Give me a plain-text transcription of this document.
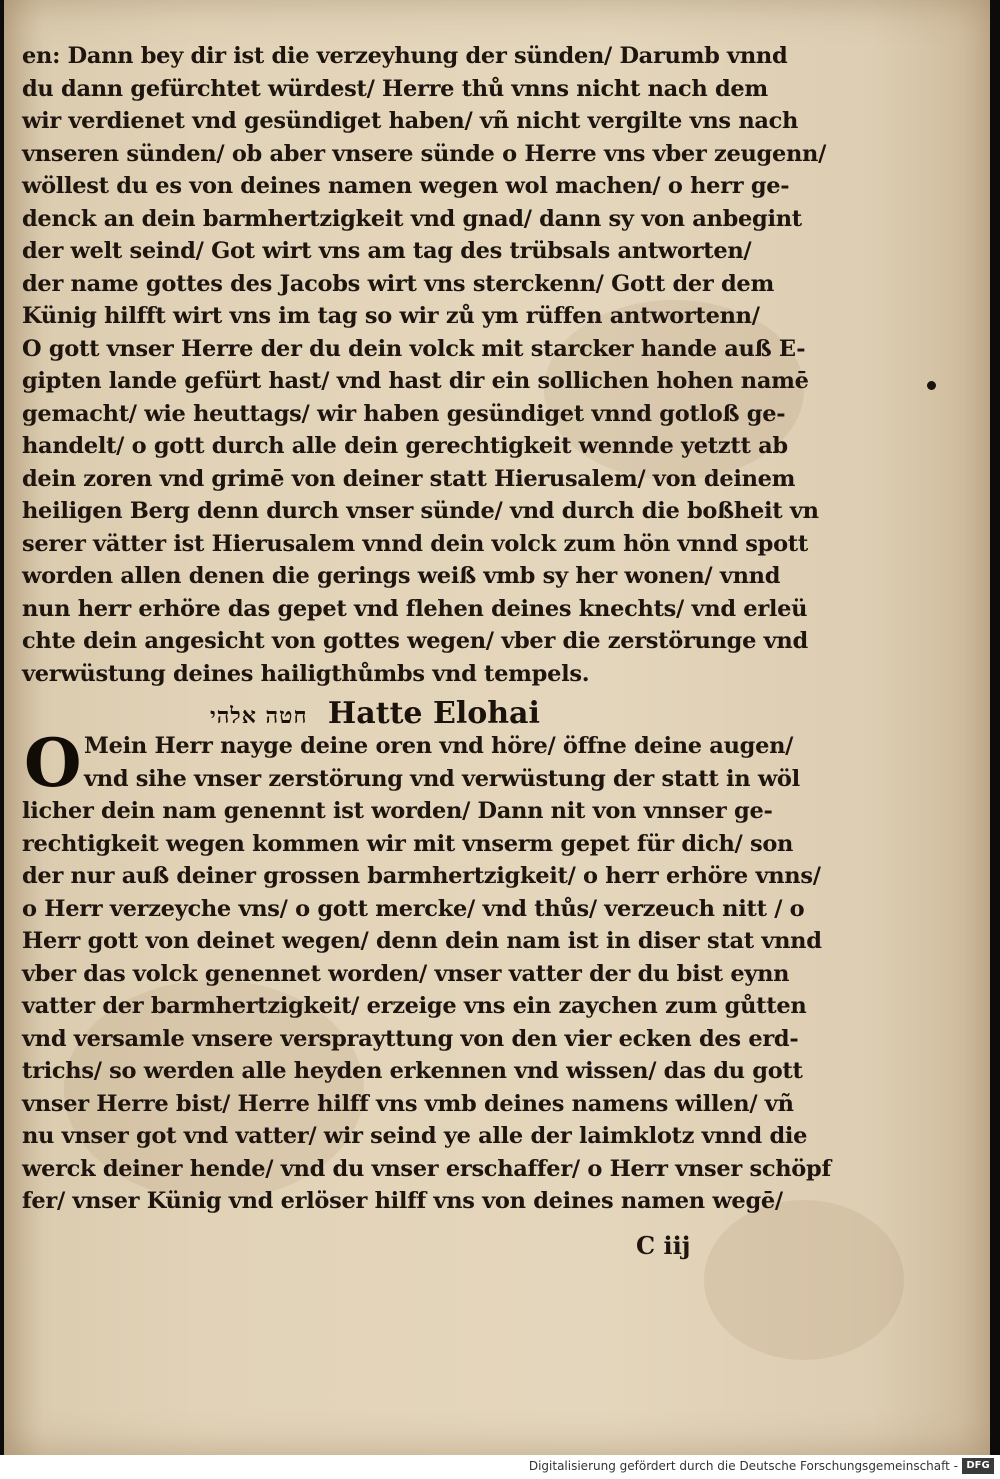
en: Dann bey dir ist die verzeyhung der sünden/ Darumb vnnd
du dann gefürchtet würdest/ Herre thů vnns nicht nach dem
wir verdienet vnd gesündiget haben/ vñ nicht vergilte vns nach
vnseren sünden/ ob aber vnsere sünde o Herre vns vber zeugenn/
wöllest du es von deines namen wegen wol machen/ o herr ge-
denck an dein barmhertzigkeit vnd gnad/ dann sy von anbegint
der welt seind/ Got wirt vns am tag des trübsals antworten/
der name gottes des Jacobs wirt vns sterckenn/ Gott der dem
Künig hilfft wirt vns im tag so wir zů ym rüffen antwortenn/
O gott vnser Herre der du dein volck mit starcker hande auß E-
gipten lande gefürt hast/ vnd hast dir ein sollichen hohen namē
gemacht/ wie heuttags/ wir haben gesündiget vnnd gotloß ge-
handelt/ o gott durch alle dein gerechtigkeit wennde yetztt ab
dein zoren vnd grimē von deiner statt Hierusalem/ von deinem
heiligen Berg denn durch vnser sünde/ vnd durch die boßheit vn
serer vätter ist Hierusalem vnnd dein volck zum hön vnnd spott
worden allen denen die gerings weiß vmb sy her wonen/ vnnd
nun herr erhöre das gepet vnd flehen deines knechts/ vnd erleü
chte dein angesicht von gottes wegen/ vber die zerstörunge vnd
verwüstung deines hailigthůmbs vnd tempels.
חטה אלהי Hatte Elohai
O Mein Herr nayge deine oren vnd höre/ öffne deine augen/
vnd sihe vnser zerstörung vnd verwüstung der statt in wöl
licher dein nam genennt ist worden/ Dann nit von vnnser ge-
rechtigkeit wegen kommen wir mit vnserm gepet für dich/ son
der nur auß deiner grossen barmhertzigkeit/ o herr erhöre vnns/
o Herr verzeyche vns/ o gott mercke/ vnd thůs/ verzeuch nitt / o
Herr gott von deinet wegen/ denn dein nam ist in diser stat vnnd
vber das volck genennet worden/ vnser vatter der du bist eynn
vatter der barmhertzigkeit/ erzeige vns ein zaychen zum gůtten
vnd versamle vnsere versprayttung von den vier ecken des erd-
trichs/ so werden alle heyden erkennen vnd wissen/ das du gott
vnser Herre bist/ Herre hilff vns vmb deines namens willen/ vñ
nu vnser got vnd vatter/ wir seind ye alle der laimklotz vnnd die
werck deiner hende/ vnd du vnser erschaffer/ o Herr vnser schöpf
fer/ vnser Künig vnd erlöser hilff vns von deines namen wegē/
C iij
Digitalisierung gefördert durch die Deutsche Forschungsgemeinschaft - DFG
